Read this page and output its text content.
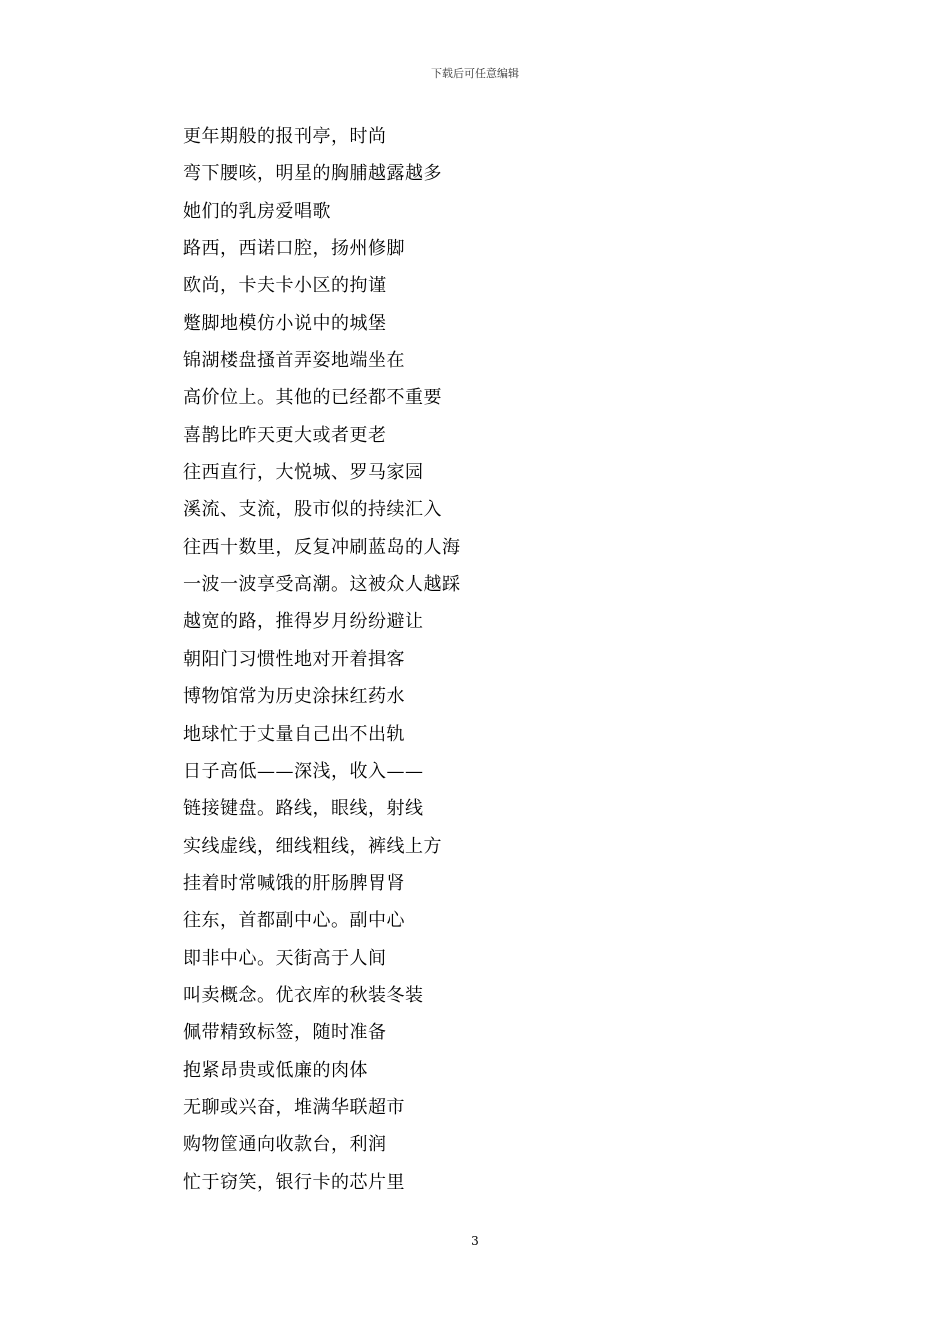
下载后可任意编辑
更年期般的报刊亭，时尚
弯下腰咳，明星的胸脯越露越多
她们的乳房爱唱歌
路西，西诺口腔，扬州修脚
欧尚，卡夫卡小区的拘谨
蹩脚地模仿小说中的城堡
锦湖楼盘搔首弄姿地端坐在
高价位上。其他的已经都不重要
喜鹊比昨天更大或者更老
往西直行，大悦城、罗马家园
溪流、支流，股市似的持续汇入
往西十数里，反复冲刷蓝岛的人海
一波一波享受高潮。这被众人越踩
越宽的路，推得岁月纷纷避让
朝阳门习惯性地对开着揖客
博物馆常为历史涂抹红药水
地球忙于丈量自己出不出轨
日子高低——深浅，收入——
链接键盘。路线，眼线，射线
实线虚线，细线粗线，裤线上方
挂着时常喊饿的肝肠脾胃肾
往东，首都副中心。副中心
即非中心。天街高于人间
叫卖概念。优衣库的秋装冬装
佩带精致标签，随时准备
抱紧昂贵或低廉的肉体
无聊或兴奋，堆满华联超市
购物筐通向收款台，利润
忙于窃笑，银行卡的芯片里
3
